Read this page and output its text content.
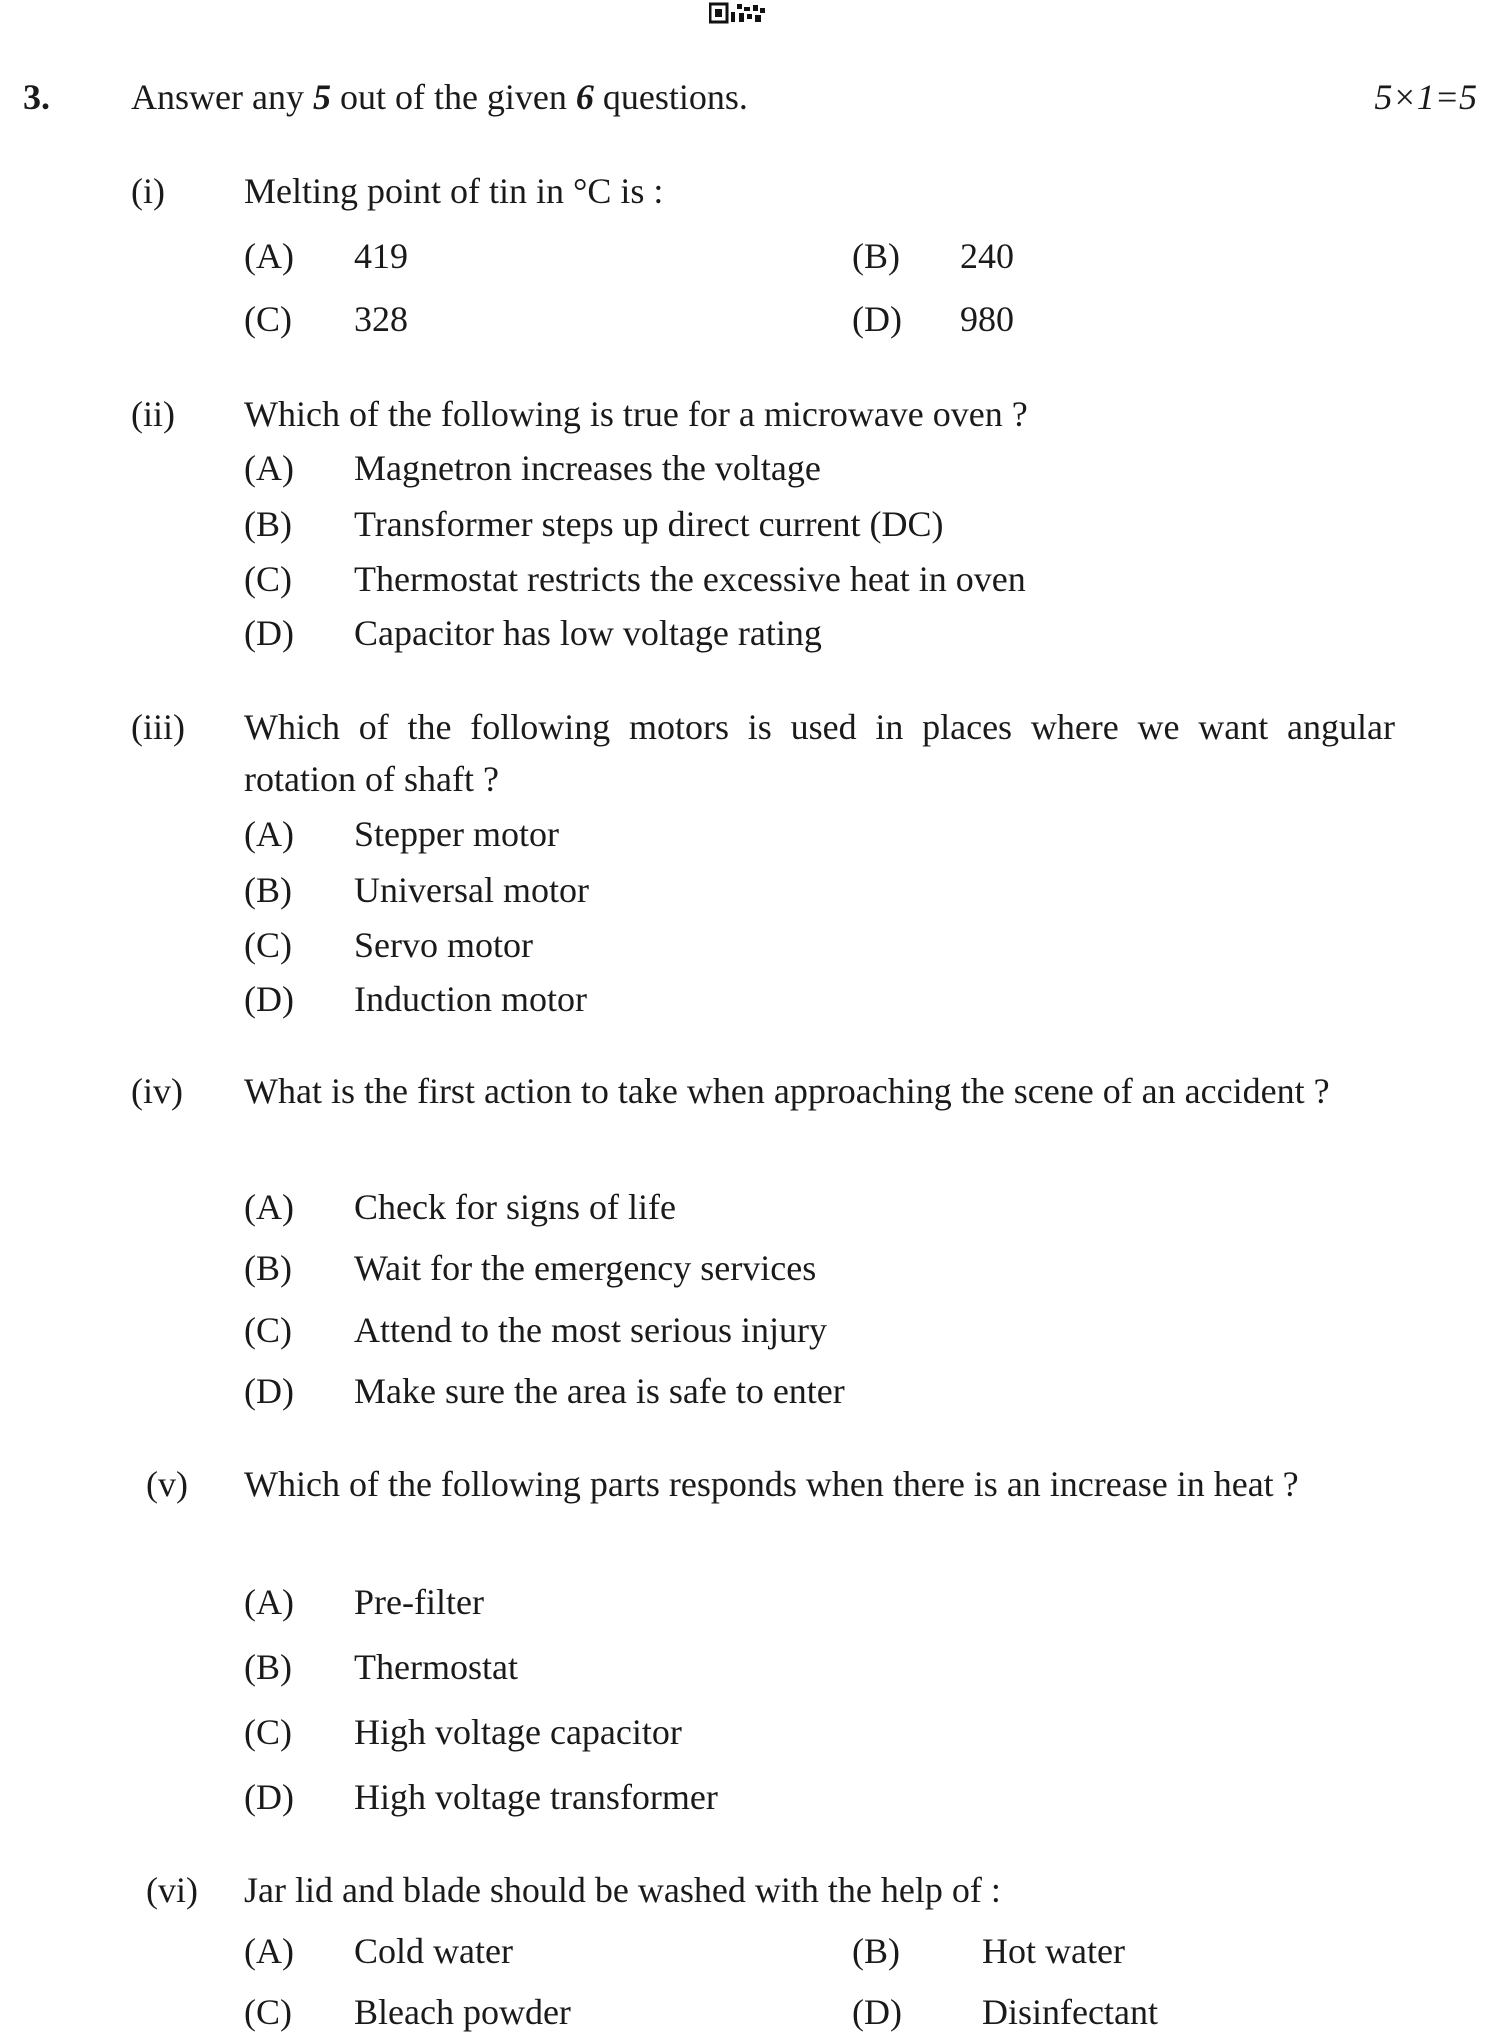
3. Answer any 5 out of the given 6 questions.	5×1=5
(i) Melting point of tin in °C is :
(A) 419	(B) 240
(C) 328	(D) 980
(ii) Which of the following is true for a microwave oven ?
(A) Magnetron increases the voltage
(B) Transformer steps up direct current (DC)
(C) Thermostat restricts the excessive heat in oven
(D) Capacitor has low voltage rating
(iii) Which of the following motors is used in places where we want angular rotation of shaft ?
(A) Stepper motor
(B) Universal motor
(C) Servo motor
(D) Induction motor
(iv) What is the first action to take when approaching the scene of an accident ?
(A) Check for signs of life
(B) Wait for the emergency services
(C) Attend to the most serious injury
(D) Make sure the area is safe to enter
(v) Which of the following parts responds when there is an increase in heat ?
(A) Pre-filter
(B) Thermostat
(C) High voltage capacitor
(D) High voltage transformer
(vi) Jar lid and blade should be washed with the help of :
(A) Cold water	(B) Hot water
(C) Bleach powder	(D) Disinfectant
